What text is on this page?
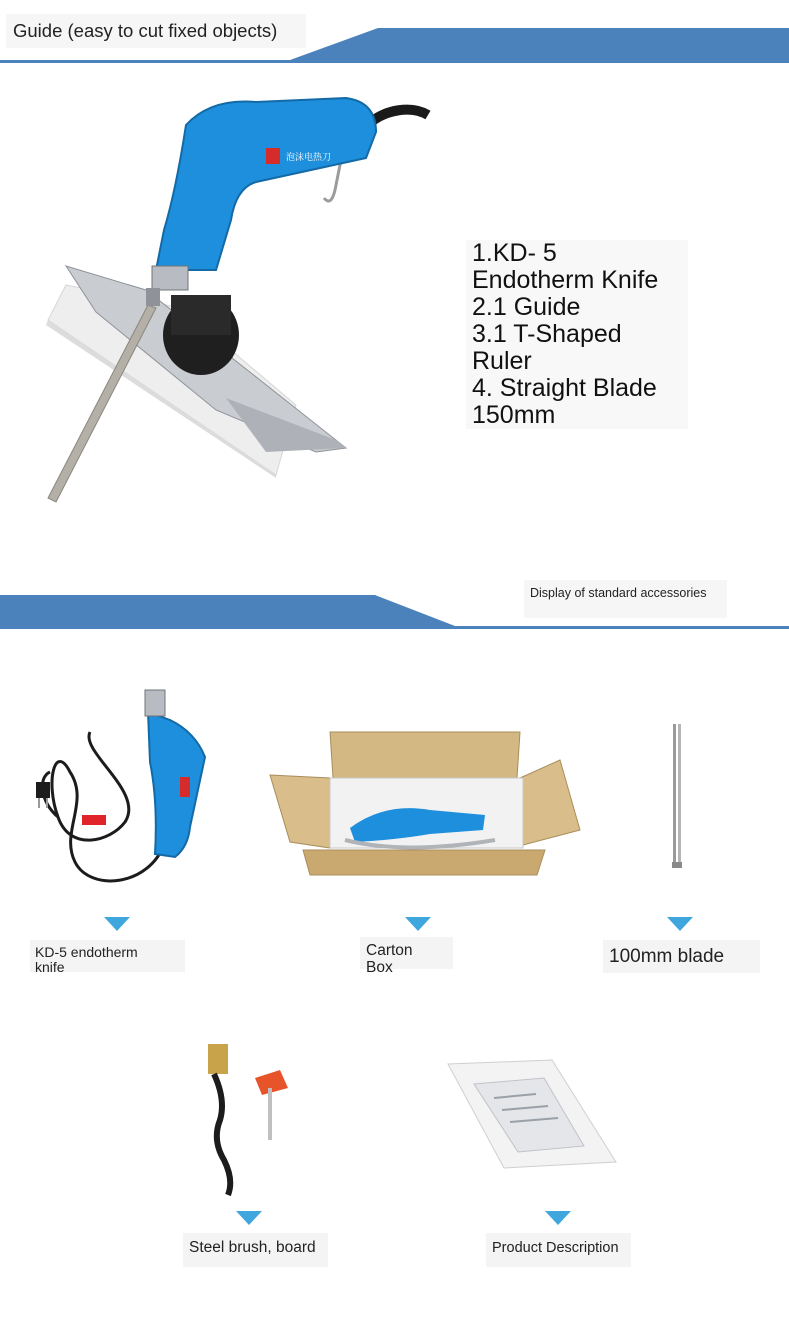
Guide (easy to cut fixed objects)
泡沫电热刀
1.KD- 5
Endotherm Knife
2.1 Guide
3.1 T-Shaped
Ruler
4. Straight Blade
150mm
Display of standard accessories
KD-5 endotherm
knife
Carton
Box
100mm blade
Steel brush, board	Product Description
